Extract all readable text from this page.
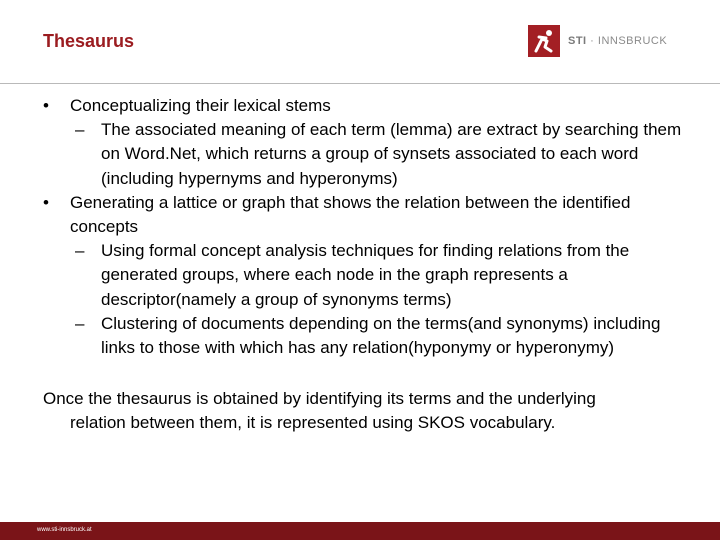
Thesaurus	STI · INNSBRUCK
• Conceptualizing their lexical stems
– The associated meaning of each term (lemma) are extract by searching them on Word.Net, which returns a group of synsets associated to each word (including hypernyms and hyperonyms)
• Generating a lattice or graph that shows the relation between the identified concepts
– Using formal concept analysis techniques for finding relations from the generated groups, where each node in the graph represents a descriptor(namely a group of synonyms terms)
– Clustering of documents depending on the terms(and synonyms) including links to those with which has any relation(hyponymy or hyperonymy)
Once the thesaurus is obtained by identifying its terms and the underlying relation between them, it is represented using SKOS vocabulary.
www.sti-innsbruck.at
